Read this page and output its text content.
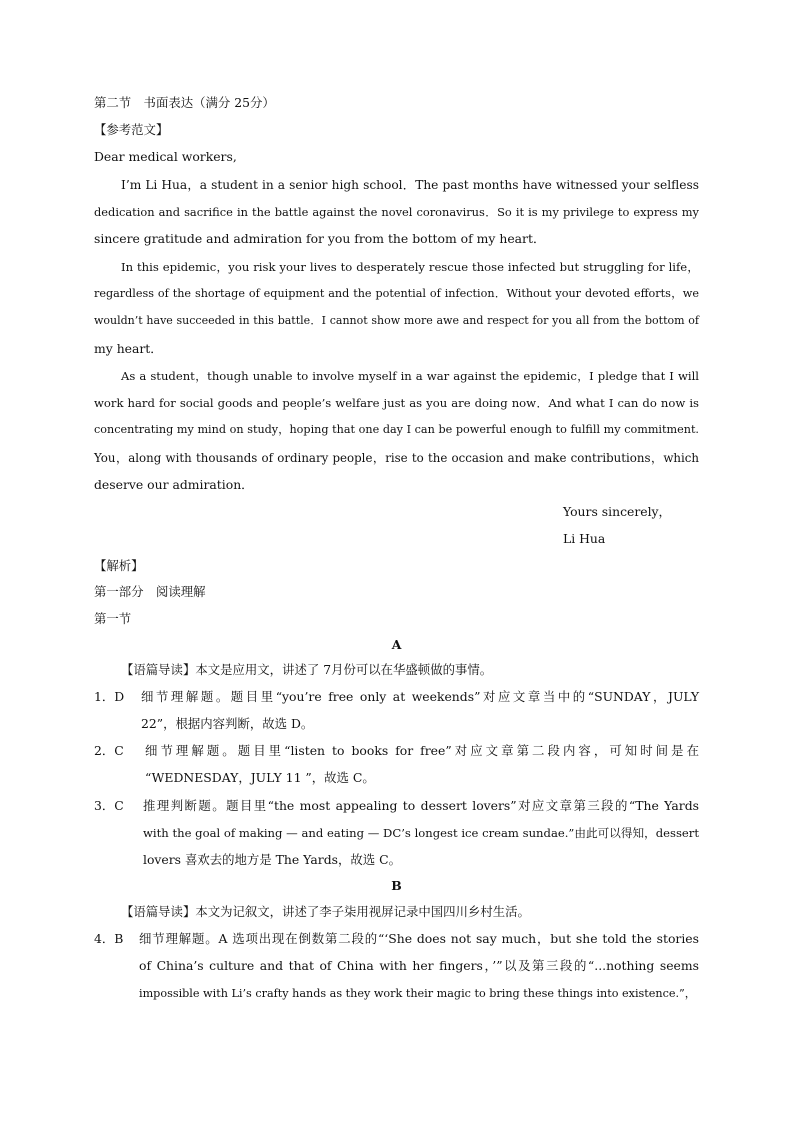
第二节　书面表达（满分 25分）
【参考范文】
Dear medical workers,
I’m Li Hua，a student in a senior high school．The past months have witnessed your selfless
dedication and sacrifice in the battle against the novel coronavirus．So it is my privilege to express my
sincere gratitude and admiration for you from the bottom of my heart．
In this epidemic，you risk your lives to desperately rescue those infected but struggling for life，
regardless of the shortage of equipment and the potential of infection．Without your devoted efforts，we
wouldn’t have succeeded in this battle．I cannot show more awe and respect for you all from the bottom of
my heart．
As a student，though unable to involve myself in a war against the epidemic，I pledge that I will
work hard for social goods and people’s welfare just as you are doing now．And what I can do now is
concentrating my mind on study，hoping that one day I can be powerful enough to fulfill my commitment.
You，along with thousands of ordinary people，rise to the occasion and make contributions，which
deserve our admiration．
Yours sincerely，
Li Hua
【解析】
第一部分　阅读理解
第一节
A
【语篇导读】本文是应用文，讲述了 7月份可以在华盛顿做的事情。
1．D 细节理解题。题目里“you’re free only at weekends”对应文章当中的“SUNDAY，JULY
22”，根据内容判断，故选 D。
2．C 细节理解题。题目里“listen to books for free”对应文章第二段内容，可知时间是在
“WEDNESDAY，JULY 11 ”，故选 C。
3．C 推理判断题。题目里“the most appealing to dessert lovers”对应文章第三段的“The Yards
with the goal of making — and eating — DC’s longest ice cream sundae.”由此可以得知，dessert
lovers 喜欢去的地方是 The Yards，故选 C。
B
【语篇导读】本文为记叙文，讲述了李子柒用视屏记录中国四川乡村生活。
4．B 细节理解题。A 选项出现在倒数第二段的“‘She does not say much，but she told the stories
of China’s culture and that of China with her fingers，’”以及第三段的“...nothing seems
impossible with Li’s crafty hands as they work their magic to bring these things into existence.”，
